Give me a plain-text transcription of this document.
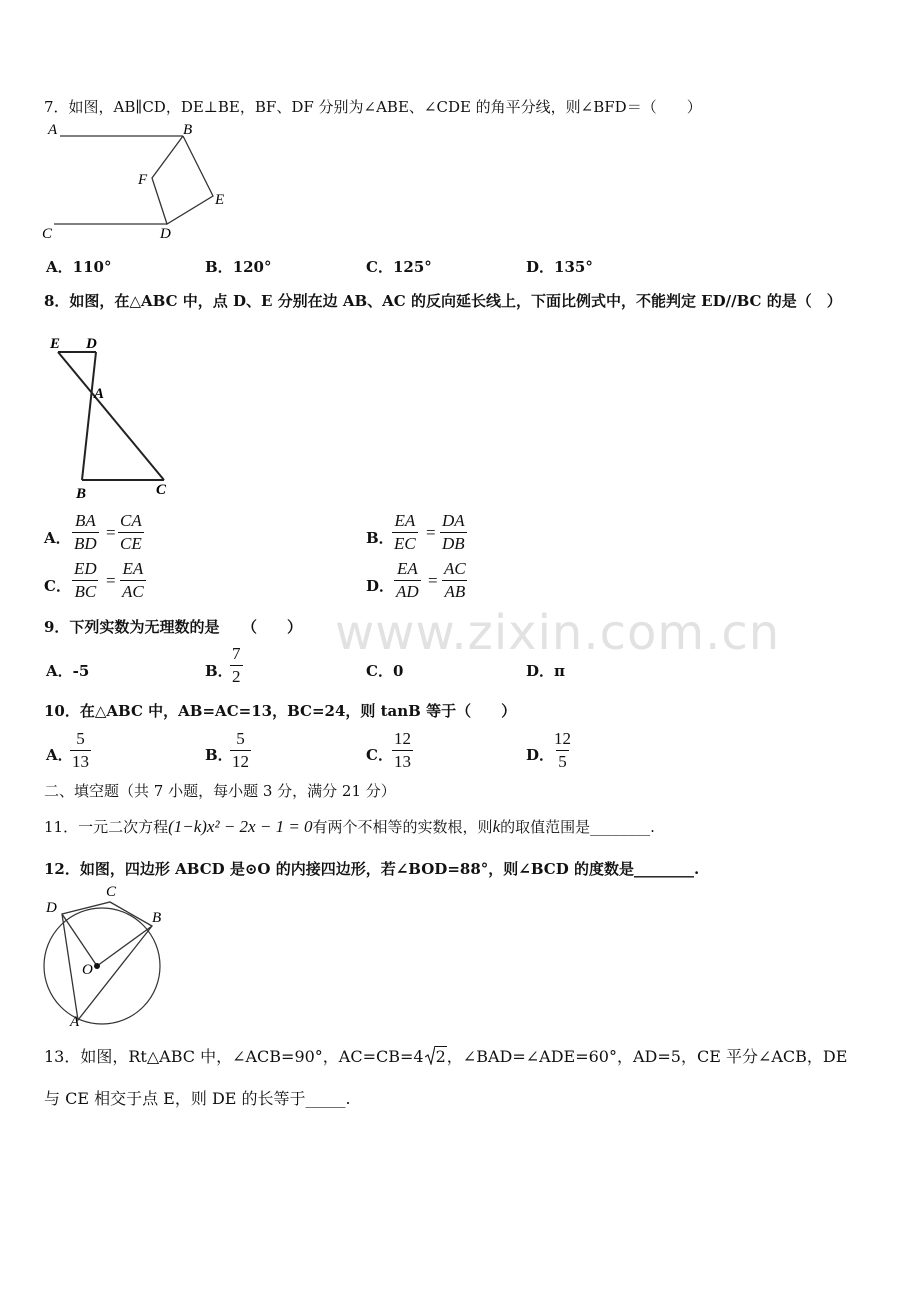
www.zixin.com.cn
7．如图，AB∥CD，DE⊥BE，BF、DF 分别为∠ABE、∠CDE 的角平分线，则∠BFD＝（　　）
A	B
F
E
C	D
A．110°	B．120°	C．125°	D．135°
8．如图，在△ABC 中，点 D、E 分别在边 AB、AC 的反向延长线上，下面比例式中，不能判定 ED//BC 的是（　）
E D
A
B	C
A． $\frac{BA}{BD} = \frac{CA}{CE}$	B．
$\frac{EA}{EC} = \frac{DA}{DB}$
C． $\frac{ED}{BC} = \frac{EA}{AC}$	D． $\frac{EA}{AD} = \frac{AC}{AB}$
9．下列实数为无理数的是　　（　　）
A．-5	B．
$\frac{7}{2}$	C．0	D．π
10．在△ABC 中，AB=AC=13，BC=24，则 tanB 等于（　　）
A．
$\frac{5}{13}$	B．
$\frac{5}{12}$	C． $\frac{12}{13}$	D．
$\frac{12}{5}$
二、填空题（共 7 小题，每小题 3 分，满分 21 分）
11．一元二次方程(1−k)x² − 2x − 1 = 0有两个不相等的实数根，则k的取值范围是________.
12．如图，四边形 ABCD 是⊙O 的内接四边形，若∠BOD=88°，则∠BCD 的度数是________.
D
C
B
O
A
13．如图，Rt△ABC 中，∠ACB=90°，AC=CB=4 2，∠BAD=∠ADE=60°，AD=5，CE 平分∠ACB，DE
与 CE 相交于点 E，则 DE 的长等于_____.
